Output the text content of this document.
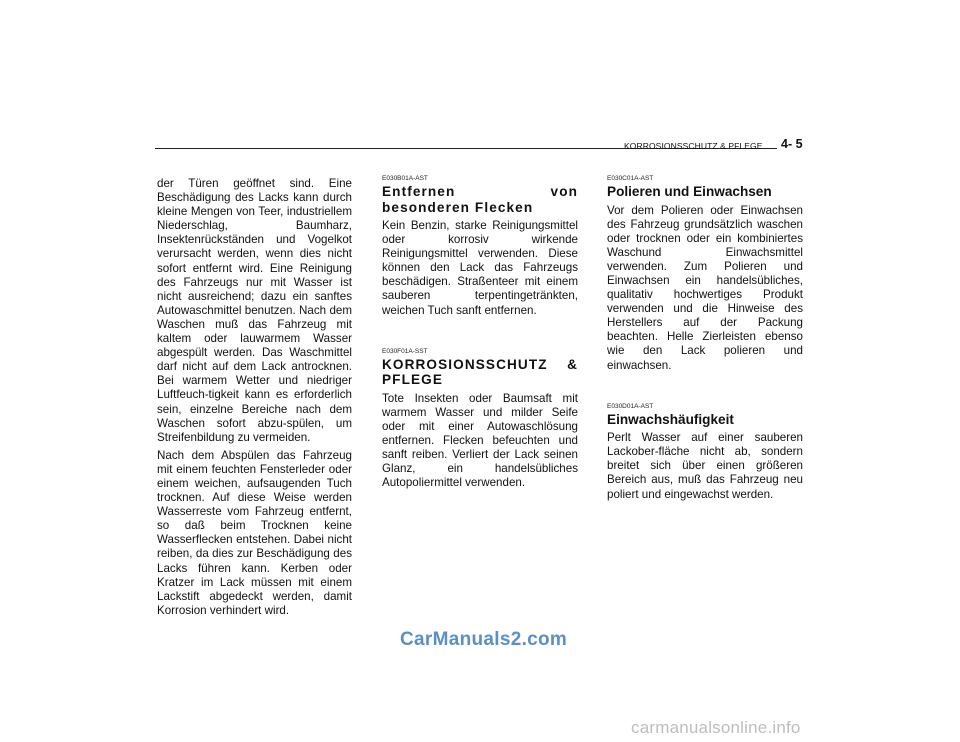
KORROSIONSSCHUTZ & PFLEGE 4- 5

der Türen geöffnet sind. Eine Beschädigung des Lacks kann durch kleine Mengen von Teer, industriellem Niederschlag, Baumharz, Insektenrückständen und Vogelkot verursacht werden, wenn dies nicht sofort entfernt wird. Eine Reinigung des Fahrzeugs nur mit Wasser ist nicht ausreichend; dazu ein sanftes Autowaschmittel benutzen. Nach dem Waschen muß das Fahrzeug mit kaltem oder lauwarmem Wasser abgespült werden. Das Waschmittel darf nicht auf dem Lack antrocknen. Bei warmem Wetter und niedriger Luftfeuch-tigkeit kann es erforderlich sein, einzelne Bereiche nach dem Waschen sofort abzu-spülen, um Streifenbildung zu vermeiden.

Nach dem Abspülen das Fahrzeug mit einem feuchten Fensterleder oder einem weichen, aufsaugenden Tuch trocknen. Auf diese Weise werden Wasserreste vom Fahrzeug entfernt, so daß beim Trocknen keine Wasserflecken entstehen. Dabei nicht reiben, da dies zur Beschädigung des Lacks führen kann. Kerben oder Kratzer im Lack müssen mit einem Lackstift abgedeckt werden, damit Korrosion verhindert wird.

E030B01A-AST
Entfernen von besonderen Flecken

Kein Benzin, starke Reinigungsmittel oder korrosiv wirkende Reinigungsmittel verwenden. Diese können den Lack das Fahrzeugs beschädigen. Straßenteer mit einem sauberen terpentingetränkten, weichen Tuch sanft entfernen.

E030F01A-SST
KORROSIONSSCHUTZ & PFLEGE

Tote Insekten oder Baumsaft mit warmem Wasser und milder Seife oder mit einer Autowaschlösung entfernen. Flecken befeuchten und sanft reiben. Verliert der Lack seinen Glanz, ein handelsübliches Autopoliermittel verwenden.

E030C01A-AST
Polieren und Einwachsen

Vor dem Polieren oder Einwachsen des Fahrzeug grundsätzlich waschen oder trocknen oder ein kombiniertes Waschund Einwachsmittel verwenden. Zum Polieren und Einwachsen ein handelsübliches, qualitativ hochwertiges Produkt verwenden und die Hinweise des Herstellers auf der Packung beachten. Helle Zierleisten ebenso wie den Lack polieren und einwachsen.

E030D01A-AST
Einwachshäufigkeit

Perlt Wasser auf einer sauberen Lackober-fläche nicht ab, sondern breitet sich über einen größeren Bereich aus, muß das Fahrzeug neu poliert und eingewachst werden.

CarManuals2.com
carmanualsonline.info
